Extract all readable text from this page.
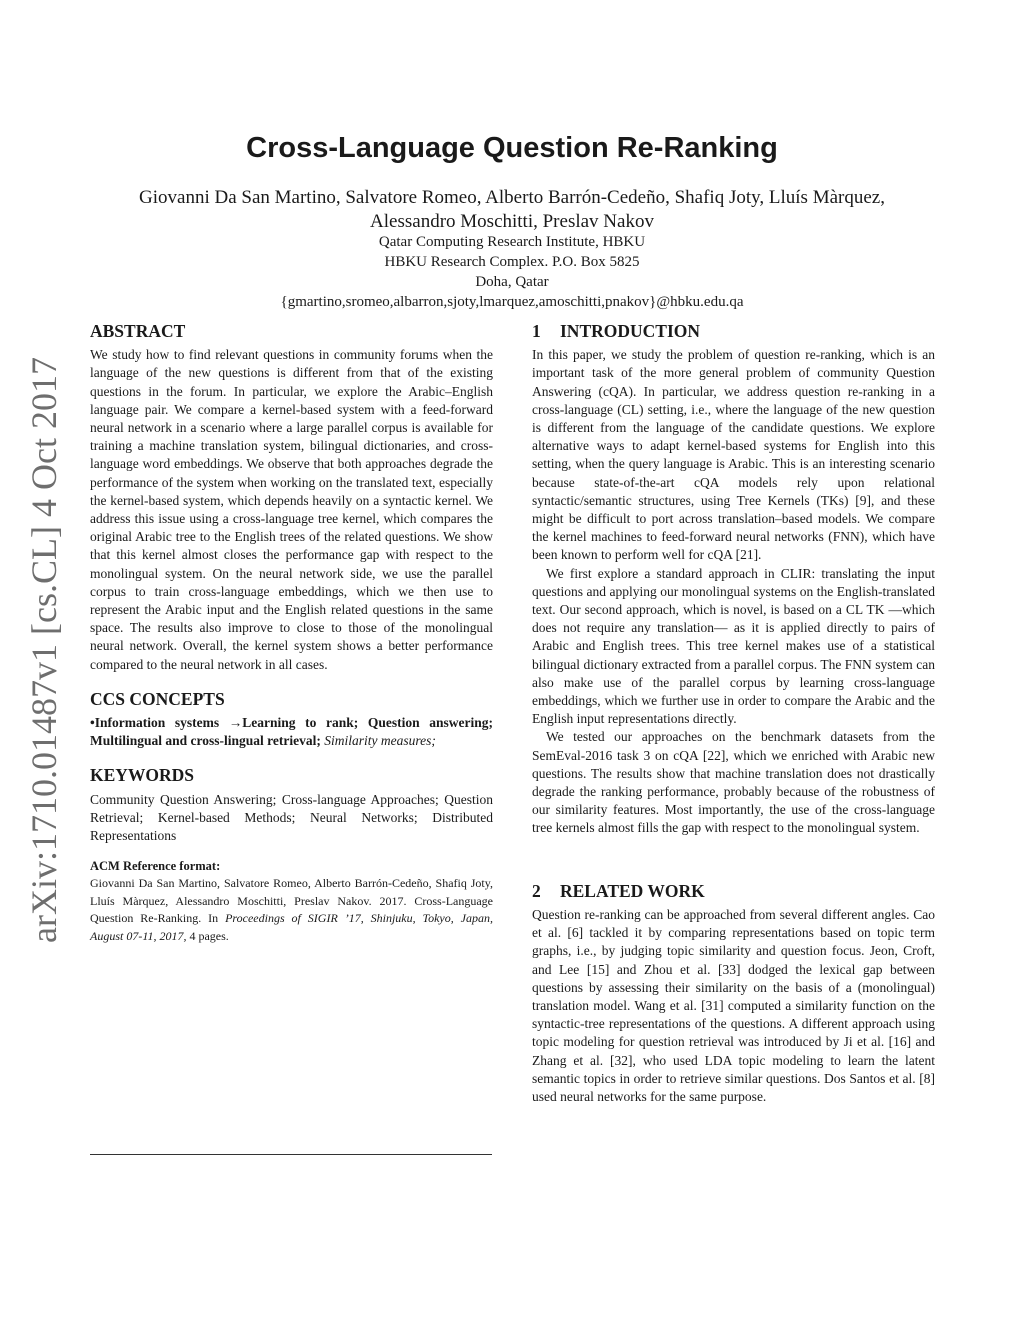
arXiv:1710.01487v1 [cs.CL] 4 Oct 2017
Cross-Language Question Re-Ranking
Giovanni Da San Martino, Salvatore Romeo, Alberto Barrón-Cedeño, Shafiq Joty, Lluís Màrquez,
Alessandro Moschitti, Preslav Nakov
Qatar Computing Research Institute, HBKU
HBKU Research Complex. P.O. Box 5825
Doha, Qatar
{gmartino,sromeo,albarron,sjoty,lmarquez,amoschitti,pnakov}@hbku.edu.qa
ABSTRACT

We study how to find relevant questions in community forums when the language of the new questions is different from that of the existing questions in the forum. In particular, we explore the Arabic–English language pair. We compare a kernel-based system with a feed-forward neural network in a scenario where a large parallel corpus is available for training a machine translation system, bilingual dictionaries, and cross-language word embeddings. We observe that both approaches degrade the performance of the system when working on the translated text, especially the kernel-based system, which depends heavily on a syntactic kernel. We address this issue using a cross-language tree kernel, which compares the original Arabic tree to the English trees of the related questions. We show that this kernel almost closes the performance gap with respect to the monolingual system. On the neural network side, we use the parallel corpus to train cross-language embeddings, which we then use to represent the Arabic input and the English related questions in the same space. The results also improve to close to those of the monolingual neural network. Overall, the kernel system shows a better performance compared to the neural network in all cases.

CCS CONCEPTS

•Information systems →Learning to rank; Question answering; Multilingual and cross-lingual retrieval; Similarity measures;

KEYWORDS

Community Question Answering; Cross-language Approaches; Question Retrieval; Kernel-based Methods; Neural Networks; Distributed Representations

ACM Reference format:

Giovanni Da San Martino, Salvatore Romeo, Alberto Barrón-Cedeño, Shafiq Joty, Lluís Màrquez, Alessandro Moschitti, Preslav Nakov. 2017. Cross-Language Question Re-Ranking. In Proceedings of SIGIR ’17, Shinjuku, Tokyo, Japan, August 07-11, 2017, 4 pages.

1 INTRODUCTION

In this paper, we study the problem of question re-ranking, which is an important task of the more general problem of community Question Answering (cQA). In particular, we address question re-ranking in a cross-language (CL) setting, i.e., where the language of the new question is different from the language of the candidate questions. We explore alternative ways to adapt kernel-based systems for English into this setting, when the query language is Arabic. This is an interesting scenario because state-of-the-art cQA models rely upon relational syntactic/semantic structures, using Tree Kernels (TKs) [9], and these might be difficult to port across translation–based models. We compare the kernel machines to feed-forward neural networks (FNN), which have been known to perform well for cQA [21].

We first explore a standard approach in CLIR: translating the input questions and applying our monolingual systems on the English-translated text. Our second approach, which is novel, is based on a CL TK —which does not require any translation— as it is applied directly to pairs of Arabic and English trees. This tree kernel makes use of a statistical bilingual dictionary extracted from a parallel corpus. The FNN system can also make use of the parallel corpus by learning cross-language embeddings, which we further use in order to compare the Arabic and the English input representations directly.

We tested our approaches on the benchmark datasets from the SemEval-2016 task 3 on cQA [22], which we enriched with Arabic new questions. The results show that machine translation does not drastically degrade the ranking performance, probably because of the robustness of our similarity features. Most importantly, the use of the cross-language tree kernels almost fills the gap with respect to the monolingual system.

2 RELATED WORK

Question re-ranking can be approached from several different angles. Cao et al. [6] tackled it by comparing representations based on topic term graphs, i.e., by judging topic similarity and question focus. Jeon, Croft, and Lee [15] and Zhou et al. [33] dodged the lexical gap between questions by assessing their similarity on the basis of a (monolingual) translation model. Wang et al. [31] computed a similarity function on the syntactic-tree representations of the questions. A different approach using topic modeling for question retrieval was introduced by Ji et al. [16] and Zhang et al. [32], who used LDA topic modeling to learn the latent semantic topics in order to retrieve similar questions. Dos Santos et al. [8] used neural networks for the same purpose.
